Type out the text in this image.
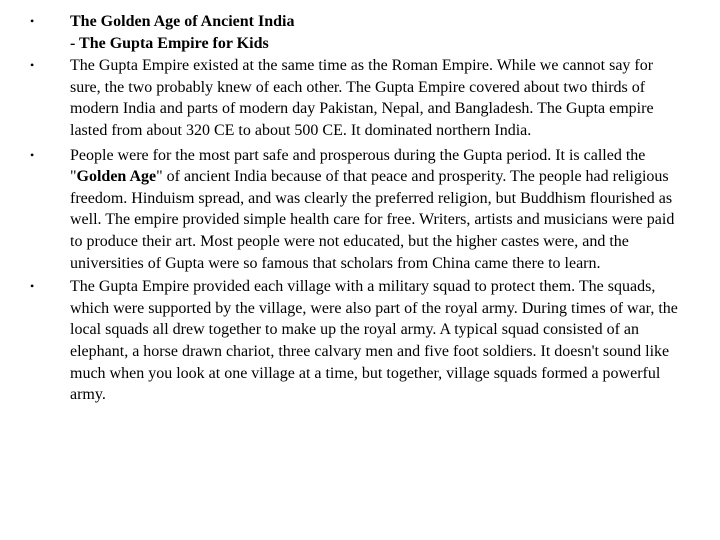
• The Golden Age of Ancient India
- The Gupta Empire for Kids
• The Gupta Empire existed at the same time as the Roman Empire. While we cannot say for sure, the two probably knew of each other. The Gupta Empire covered about two thirds of modern India and parts of modern day Pakistan, Nepal, and Bangladesh. The Gupta empire lasted from about 320 CE to about 500 CE. It dominated northern India.
• People were for the most part safe and prosperous during the Gupta period. It is called the "Golden Age" of ancient India because of that peace and prosperity. The people had religious freedom. Hinduism spread, and was clearly the preferred religion, but Buddhism flourished as well. The empire provided simple health care for free. Writers, artists and musicians were paid to produce their art. Most people were not educated, but the higher castes were, and the universities of Gupta were so famous that scholars from China came there to learn.
• The Gupta Empire provided each village with a military squad to protect them. The squads, which were supported by the village, were also part of the royal army. During times of war, the local squads all drew together to make up the royal army. A typical squad consisted of an elephant, a horse drawn chariot, three calvary men and five foot soldiers. It doesn't sound like much when you look at one village at a time, but together, village squads formed a powerful army.
